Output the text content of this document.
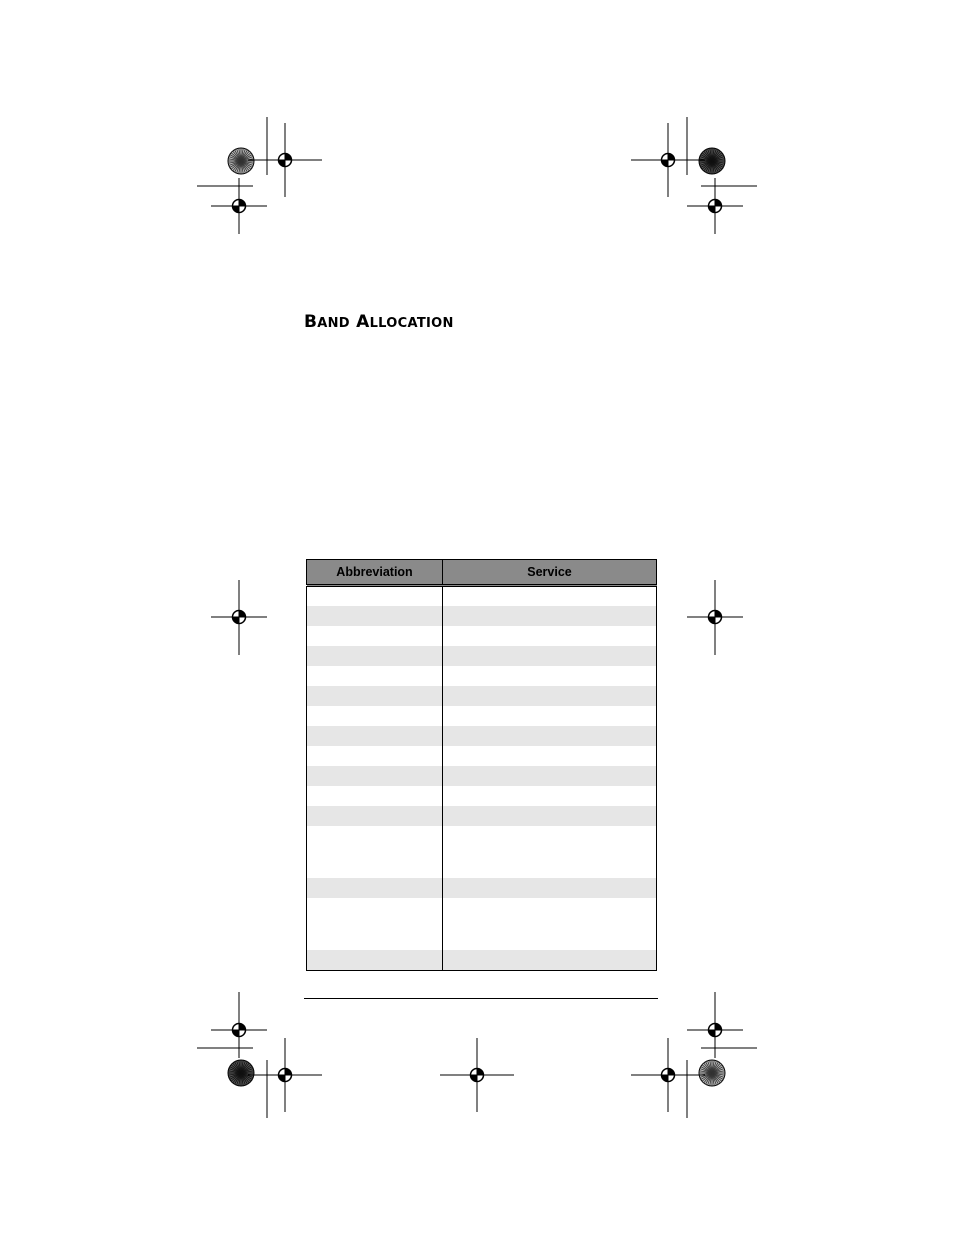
BAND ALLOCATION
Abbreviation	Service
